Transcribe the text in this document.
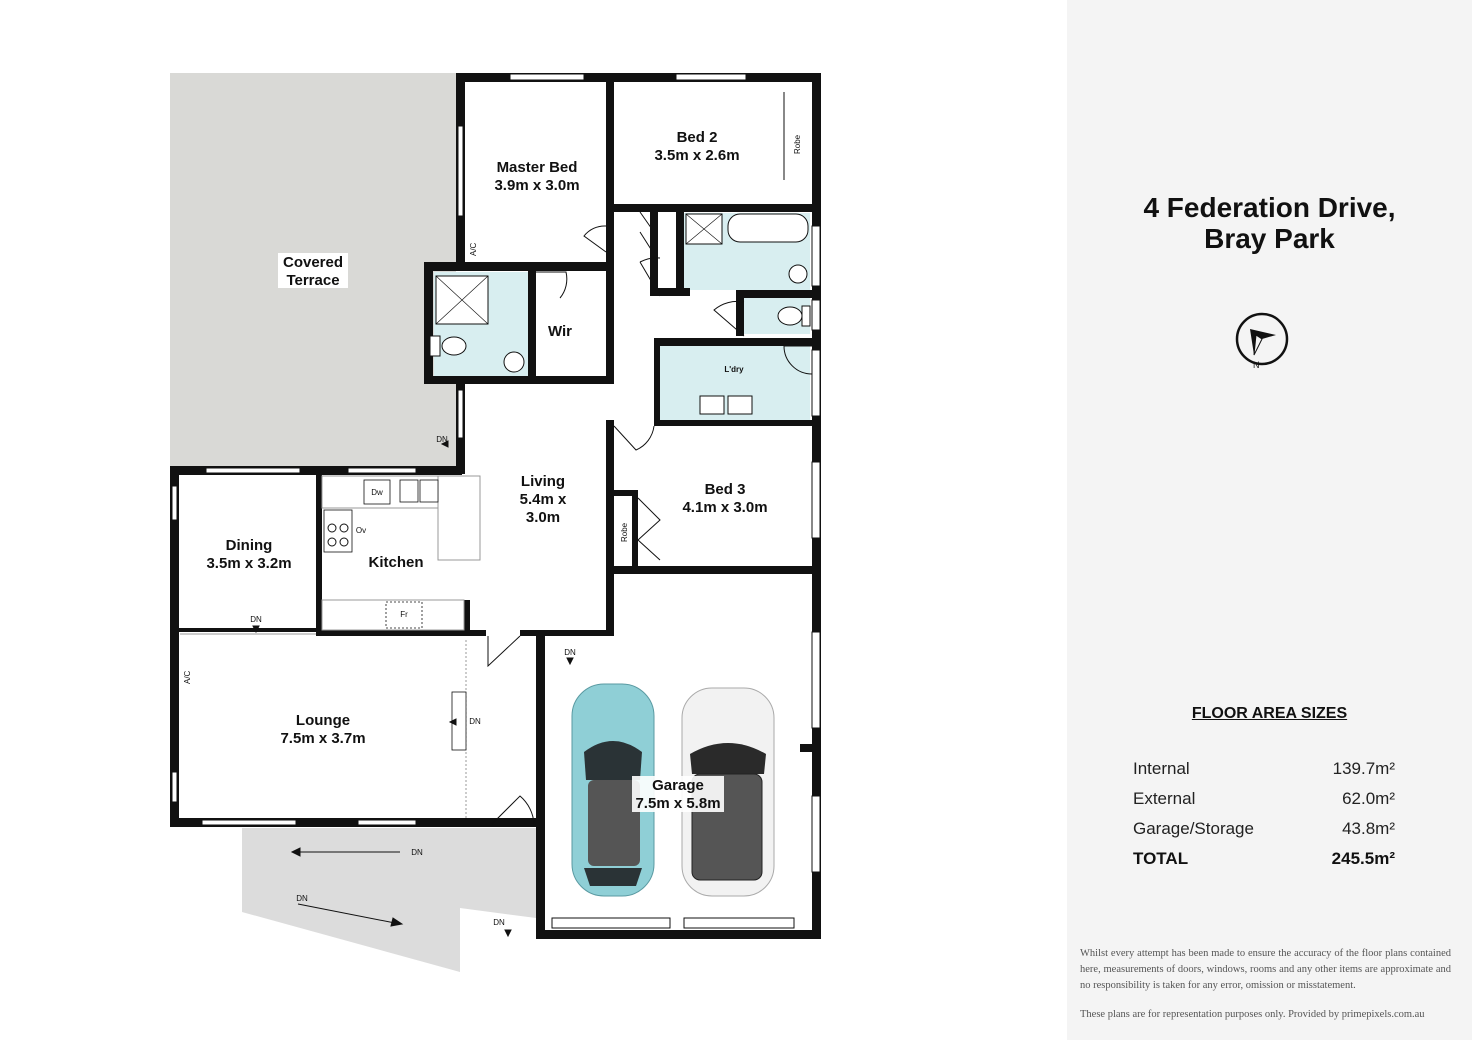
Master Bed
3.9m x 3.0m
Bed 2
3.5m x 2.6m
Covered
Terrace
Wir
Living
5.4m x
3.0m
Bed 3
4.1m x 3.0m
Dining
3.5m x 3.2m	Kitchen
Lounge
7.5m x 3.7m
Garage
7.5m x 5.8m
L'dry
Dw
Ov
Fr
A/C
A/C
Robe
Robe
DN
DN
DN
DN
DN
DN
DN
4 Federation Drive,
Bray Park
N
FLOOR AREA SIZES
Internal	139.7m²
External	62.0m²
Garage/Storage	43.8m²
TOTAL	245.5m²
Whilst every attempt has been made to ensure the accuracy of the floor plans contained here, measurements of doors, windows, rooms and any other items are approximate and no responsibility is taken for any error, omission or misstatement.
These plans are for representation purposes only. Provided by primepixels.com.au
